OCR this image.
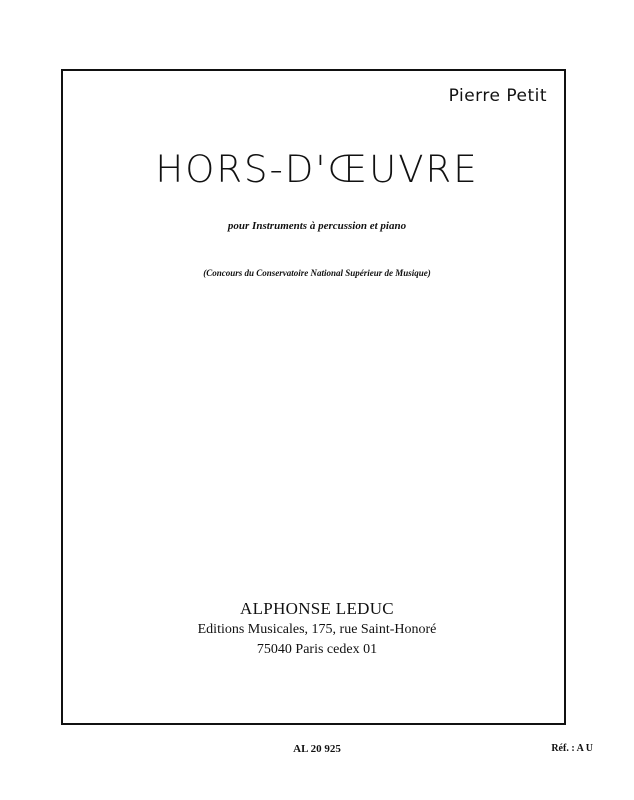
Pierre Petit
HORS-D'ŒUVRE
pour Instruments à percussion et piano
(Concours du Conservatoire National Supérieur de Musique)
ALPHONSE LEDUC
Editions Musicales, 175, rue Saint-Honoré
75040 Paris cedex 01
AL 20 925	Réf. : A U
